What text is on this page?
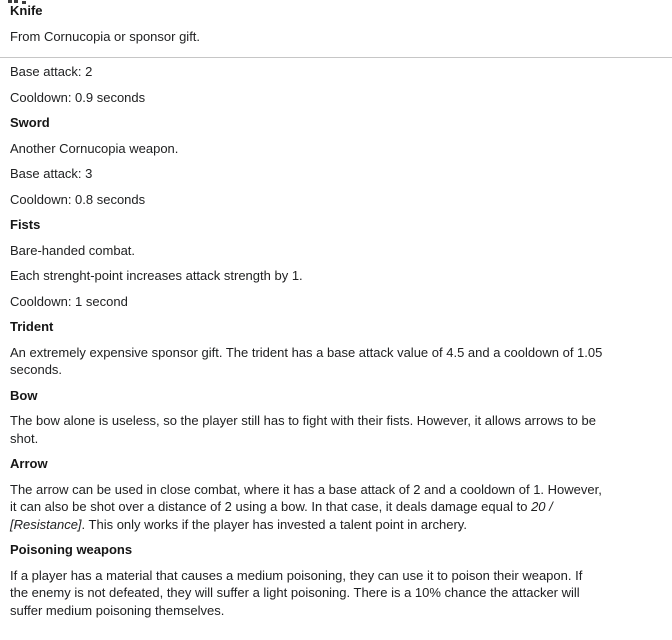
Knife
From Cornucopia or sponsor gift.
Base attack: 2
Cooldown: 0.9 seconds
Sword
Another Cornucopia weapon.
Base attack: 3
Cooldown: 0.8 seconds
Fists
Bare-handed combat.
Each strenght-point increases attack strength by 1.
Cooldown: 1 second
Trident
An extremely expensive sponsor gift. The trident has a base attack value of 4.5 and a cooldown of 1.05
seconds.
Bow
The bow alone is useless, so the player still has to fight with their fists. However, it allows arrows to be
shot.
Arrow
The arrow can be used in close combat, where it has a base attack of 2 and a cooldown of 1. However,
it can also be shot over a distance of 2 using a bow. In that case, it deals damage equal to 20 /
[Resistance]. This only works if the player has invested a talent point in archery.
Poisoning weapons
If a player has a material that causes a medium poisoning, they can use it to poison their weapon. If
the enemy is not defeated, they will suffer a light poisoning. There is a 10% chance the attacker will
suffer medium poisoning themselves.
